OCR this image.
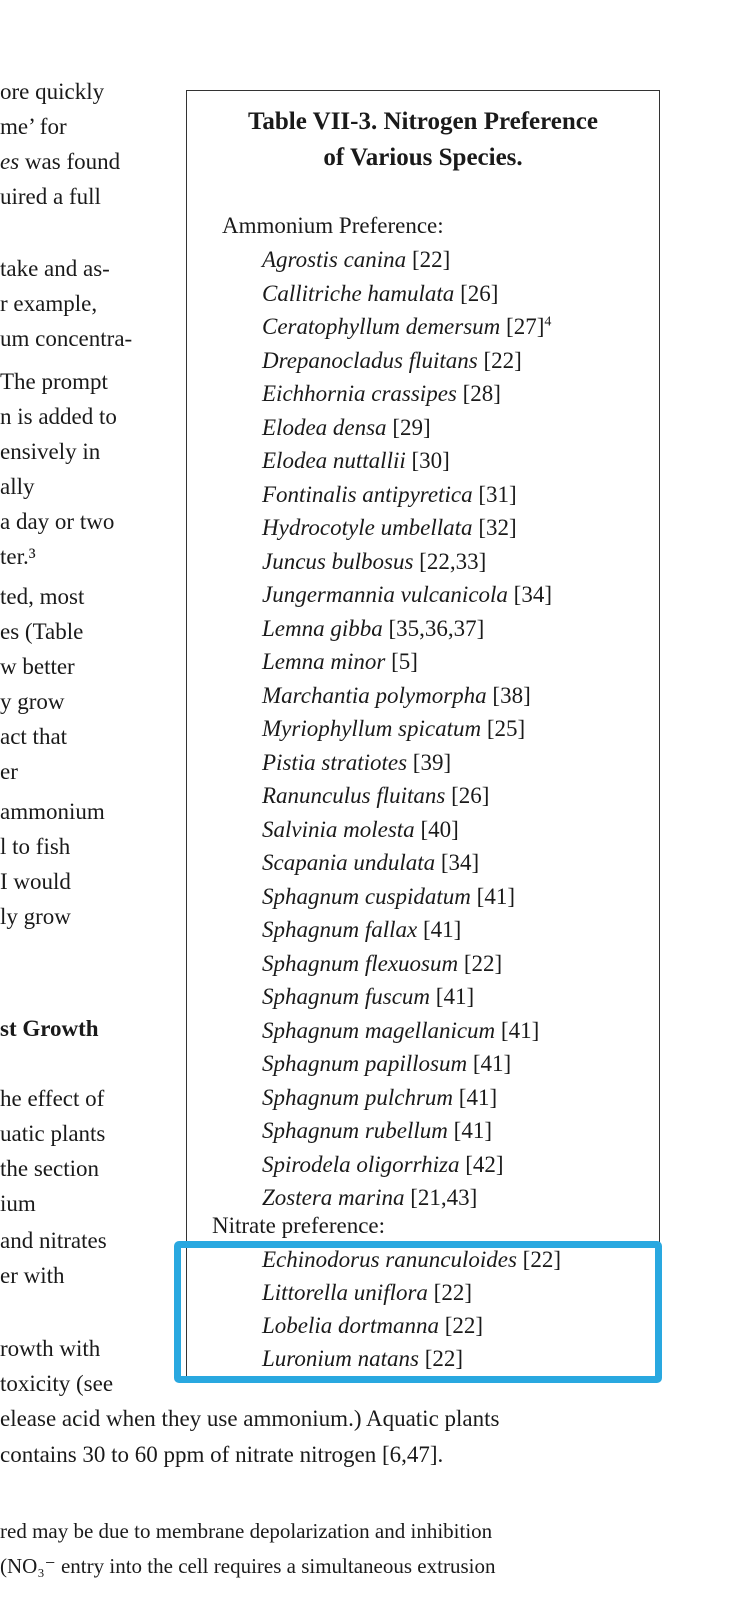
ore quickly
me’ for
es was found
uired a full
take and as-
r example,
um concentra-
The prompt
n is added to
ensively in
ally
a day or two
ter.³
ted, most
es (Table
w better
y grow
act that
er
ammonium
l to fish
I would
ly grow
st Growth
he effect of
uatic plants
the section
ium
and nitrates
er with
rowth with
toxicity (see
Table VII-3. Nitrogen Preference
of Various Species.
Ammonium Preference:
Agrostis canina [22]
Callitriche hamulata [26]
Ceratophyllum demersum $[27]^4$
Drepanocladus fluitans [22]
Eichhornia crassipes [28]
Elodea densa [29]
Elodea nuttallii [30]
Fontinalis antipyretica [31]
Hydrocotyle umbellata [32]
Juncus bulbosus [22,33]
Jungermannia vulcanicola [34]
Lemna gibba [35,36,37]
Lemna minor [5]
Marchantia polymorpha [38]
Myriophyllum spicatum [25]
Pistia stratiotes [39]
Ranunculus fluitans [26]
Salvinia molesta [40]
Scapania undulata [34]
Sphagnum cuspidatum [41]
Sphagnum fallax [41]
Sphagnum flexuosum [22]
Sphagnum fuscum [41]
Sphagnum magellanicum [41]
Sphagnum papillosum [41]
Sphagnum pulchrum [41]
Sphagnum rubellum [41]
Spirodela oligorrhiza [42]
Zostera marina [21,43]
Nitrate preference:
Echinodorus ranunculoides [22]
Littorella uniflora [22]
Lobelia dortmanna [22]
Luronium natans [22]
elease acid when they use ammonium.) Aquatic plants
contains 30 to 60 ppm of nitrate nitrogen [6,47].
red may be due to membrane depolarization and inhibition
(NO₃⁻ entry into the cell requires a simultaneous extrusion
